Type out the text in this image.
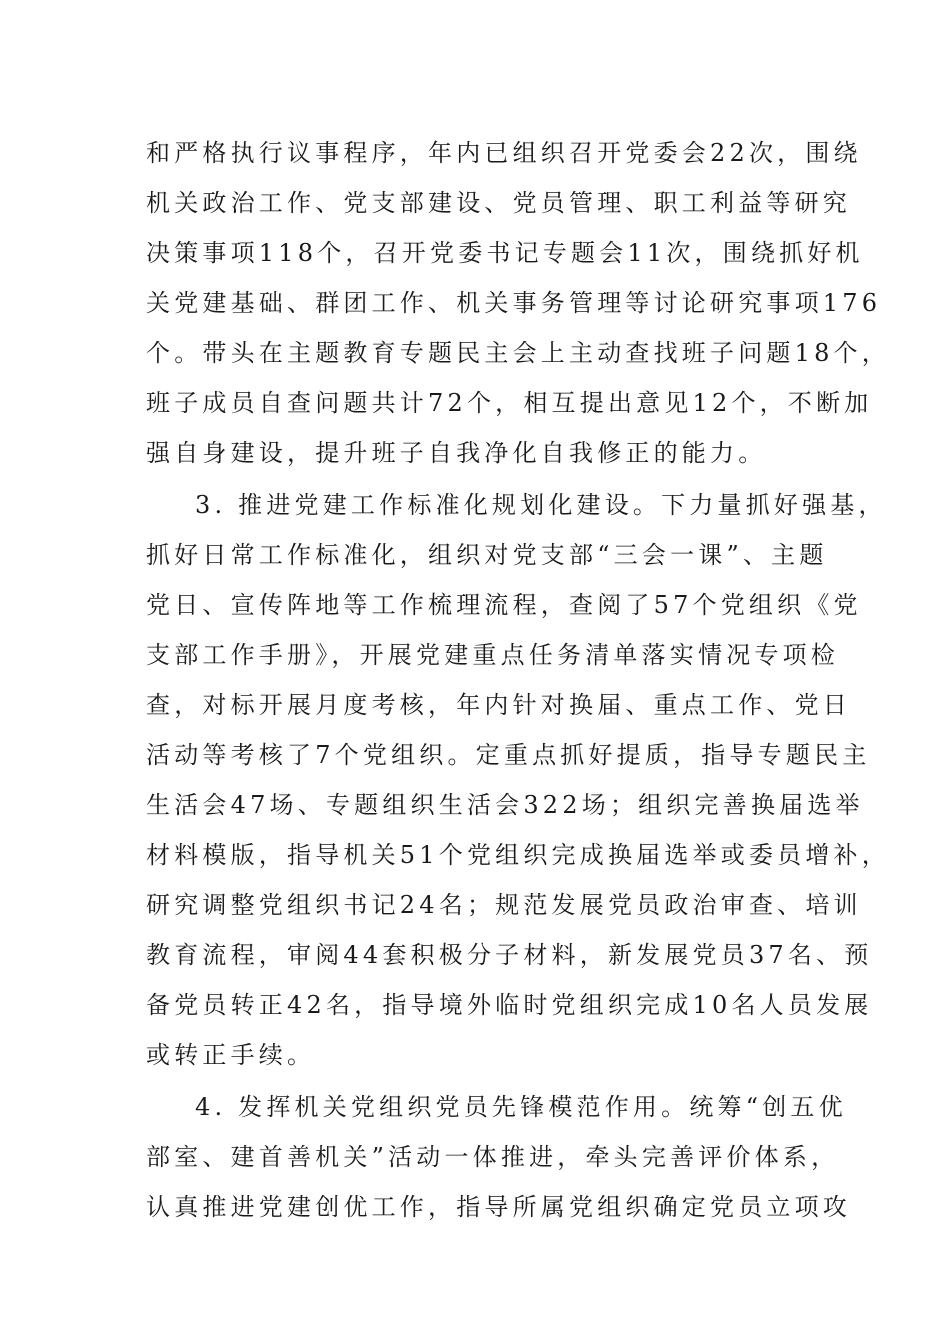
和严格执行议事程序，年内已组织召开党委会22次，围绕
机关政治工作、党支部建设、党员管理、职工利益等研究
决策事项118个，召开党委书记专题会11次，围绕抓好机
关党建基础、群团工作、机关事务管理等讨论研究事项176
个。带头在主题教育专题民主会上主动查找班子问题18个，
班子成员自查问题共计72个，相互提出意见12个，不断加
强自身建设，提升班子自我净化自我修正的能力。
3. 推进党建工作标准化规划化建设。下力量抓好强基，
抓好日常工作标准化，组织对党支部“三会一课”、主题
党日、宣传阵地等工作梳理流程，查阅了57个党组织《党
支部工作手册》，开展党建重点任务清单落实情况专项检
查，对标开展月度考核，年内针对换届、重点工作、党日
活动等考核了7个党组织。定重点抓好提质，指导专题民主
生活会47场、专题组织生活会322场；组织完善换届选举
材料模版，指导机关51个党组织完成换届选举或委员增补，
研究调整党组织书记24名；规范发展党员政治审查、培训
教育流程，审阅44套积极分子材料，新发展党员37名、预
备党员转正42名，指导境外临时党组织完成10名人员发展
或转正手续。
4. 发挥机关党组织党员先锋模范作用。统筹“创五优
部室、建首善机关”活动一体推进，牵头完善评价体系，
认真推进党建创优工作，指导所属党组织确定党员立项攻
